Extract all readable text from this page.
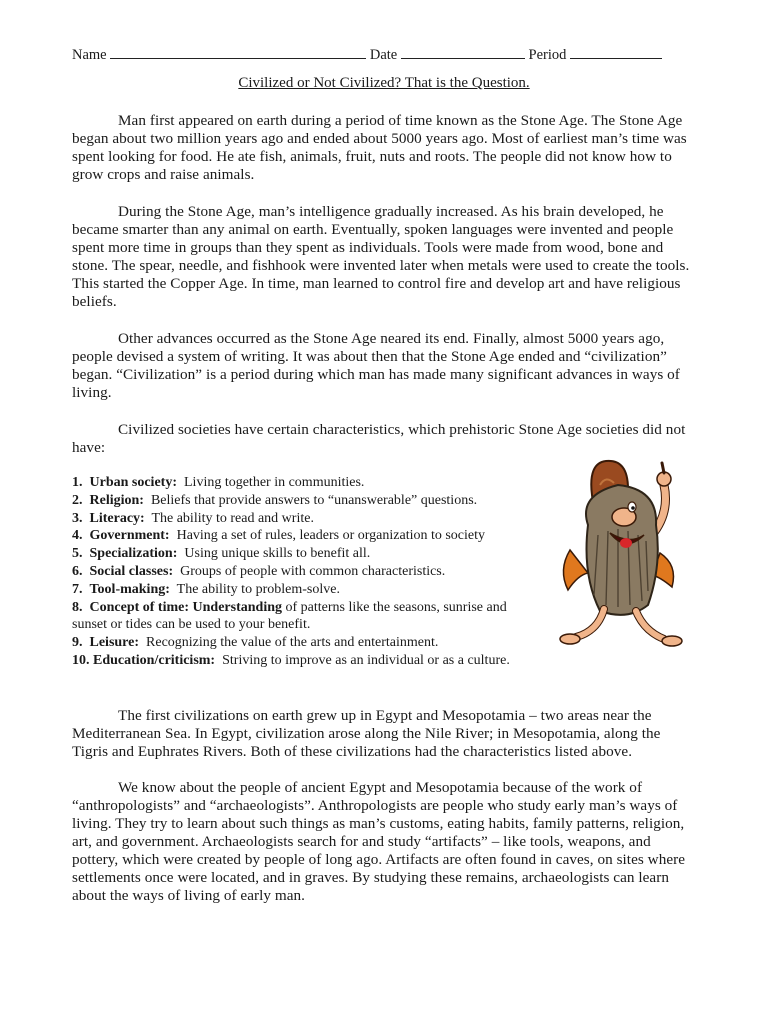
Name	Date	Period
Civilized or Not Civilized? That is the Question.

Man first appeared on earth during a period of time known as the Stone Age. The Stone Age began about two million years ago and ended about 5000 years ago. Most of earliest man’s time was spent looking for food. He ate fish, animals, fruit, nuts and roots. The people did not know how to grow crops and raise animals.

During the Stone Age, man’s intelligence gradually increased. As his brain developed, he became smarter than any animal on earth. Eventually, spoken languages were invented and people spent more time in groups than they spent as individuals. Tools were made from wood, bone and stone. The spear, needle, and fishhook were invented later when metals were used to create the tools. This started the Copper Age. In time, man learned to control fire and develop art and have religious beliefs.

Other advances occurred as the Stone Age neared its end. Finally, almost 5000 years ago, people devised a system of writing. It was about then that the Stone Age ended and “civilization” began. “Civilization” is a period during which man has made many significant advances in ways of living.

Civilized societies have certain characteristics, which prehistoric Stone Age societies did not have:

1. Urban society: Living together in communities.
2. Religion: Beliefs that provide answers to “unanswerable” questions.
3. Literacy: The ability to read and write.
4. Government: Having a set of rules, leaders or organization to society
5. Specialization: Using unique skills to benefit all.
6. Social classes: Groups of people with common characteristics.
7. Tool-making: The ability to problem-solve.
8. Concept of time: Understanding of patterns like the seasons, sunrise and sunset or tides can be used to your benefit.
9. Leisure: Recognizing the value of the arts and entertainment.
10. Education/criticism: Striving to improve as an individual or as a culture.

The first civilizations on earth grew up in Egypt and Mesopotamia – two areas near the Mediterranean Sea. In Egypt, civilization arose along the Nile River; in Mesopotamia, along the Tigris and Euphrates Rivers. Both of these civilizations had the characteristics listed above.

We know about the people of ancient Egypt and Mesopotamia because of the work of “anthropologists” and “archaeologists”. Anthropologists are people who study early man’s ways of living. They try to learn about such things as man’s customs, eating habits, family patterns, religion, art, and government. Archaeologists search for and study “artifacts” – like tools, weapons, and pottery, which were created by people of long ago. Artifacts are often found in caves, on sites where settlements once were located, and in graves. By studying these remains, archaeologists can learn about the ways of living of early man.
